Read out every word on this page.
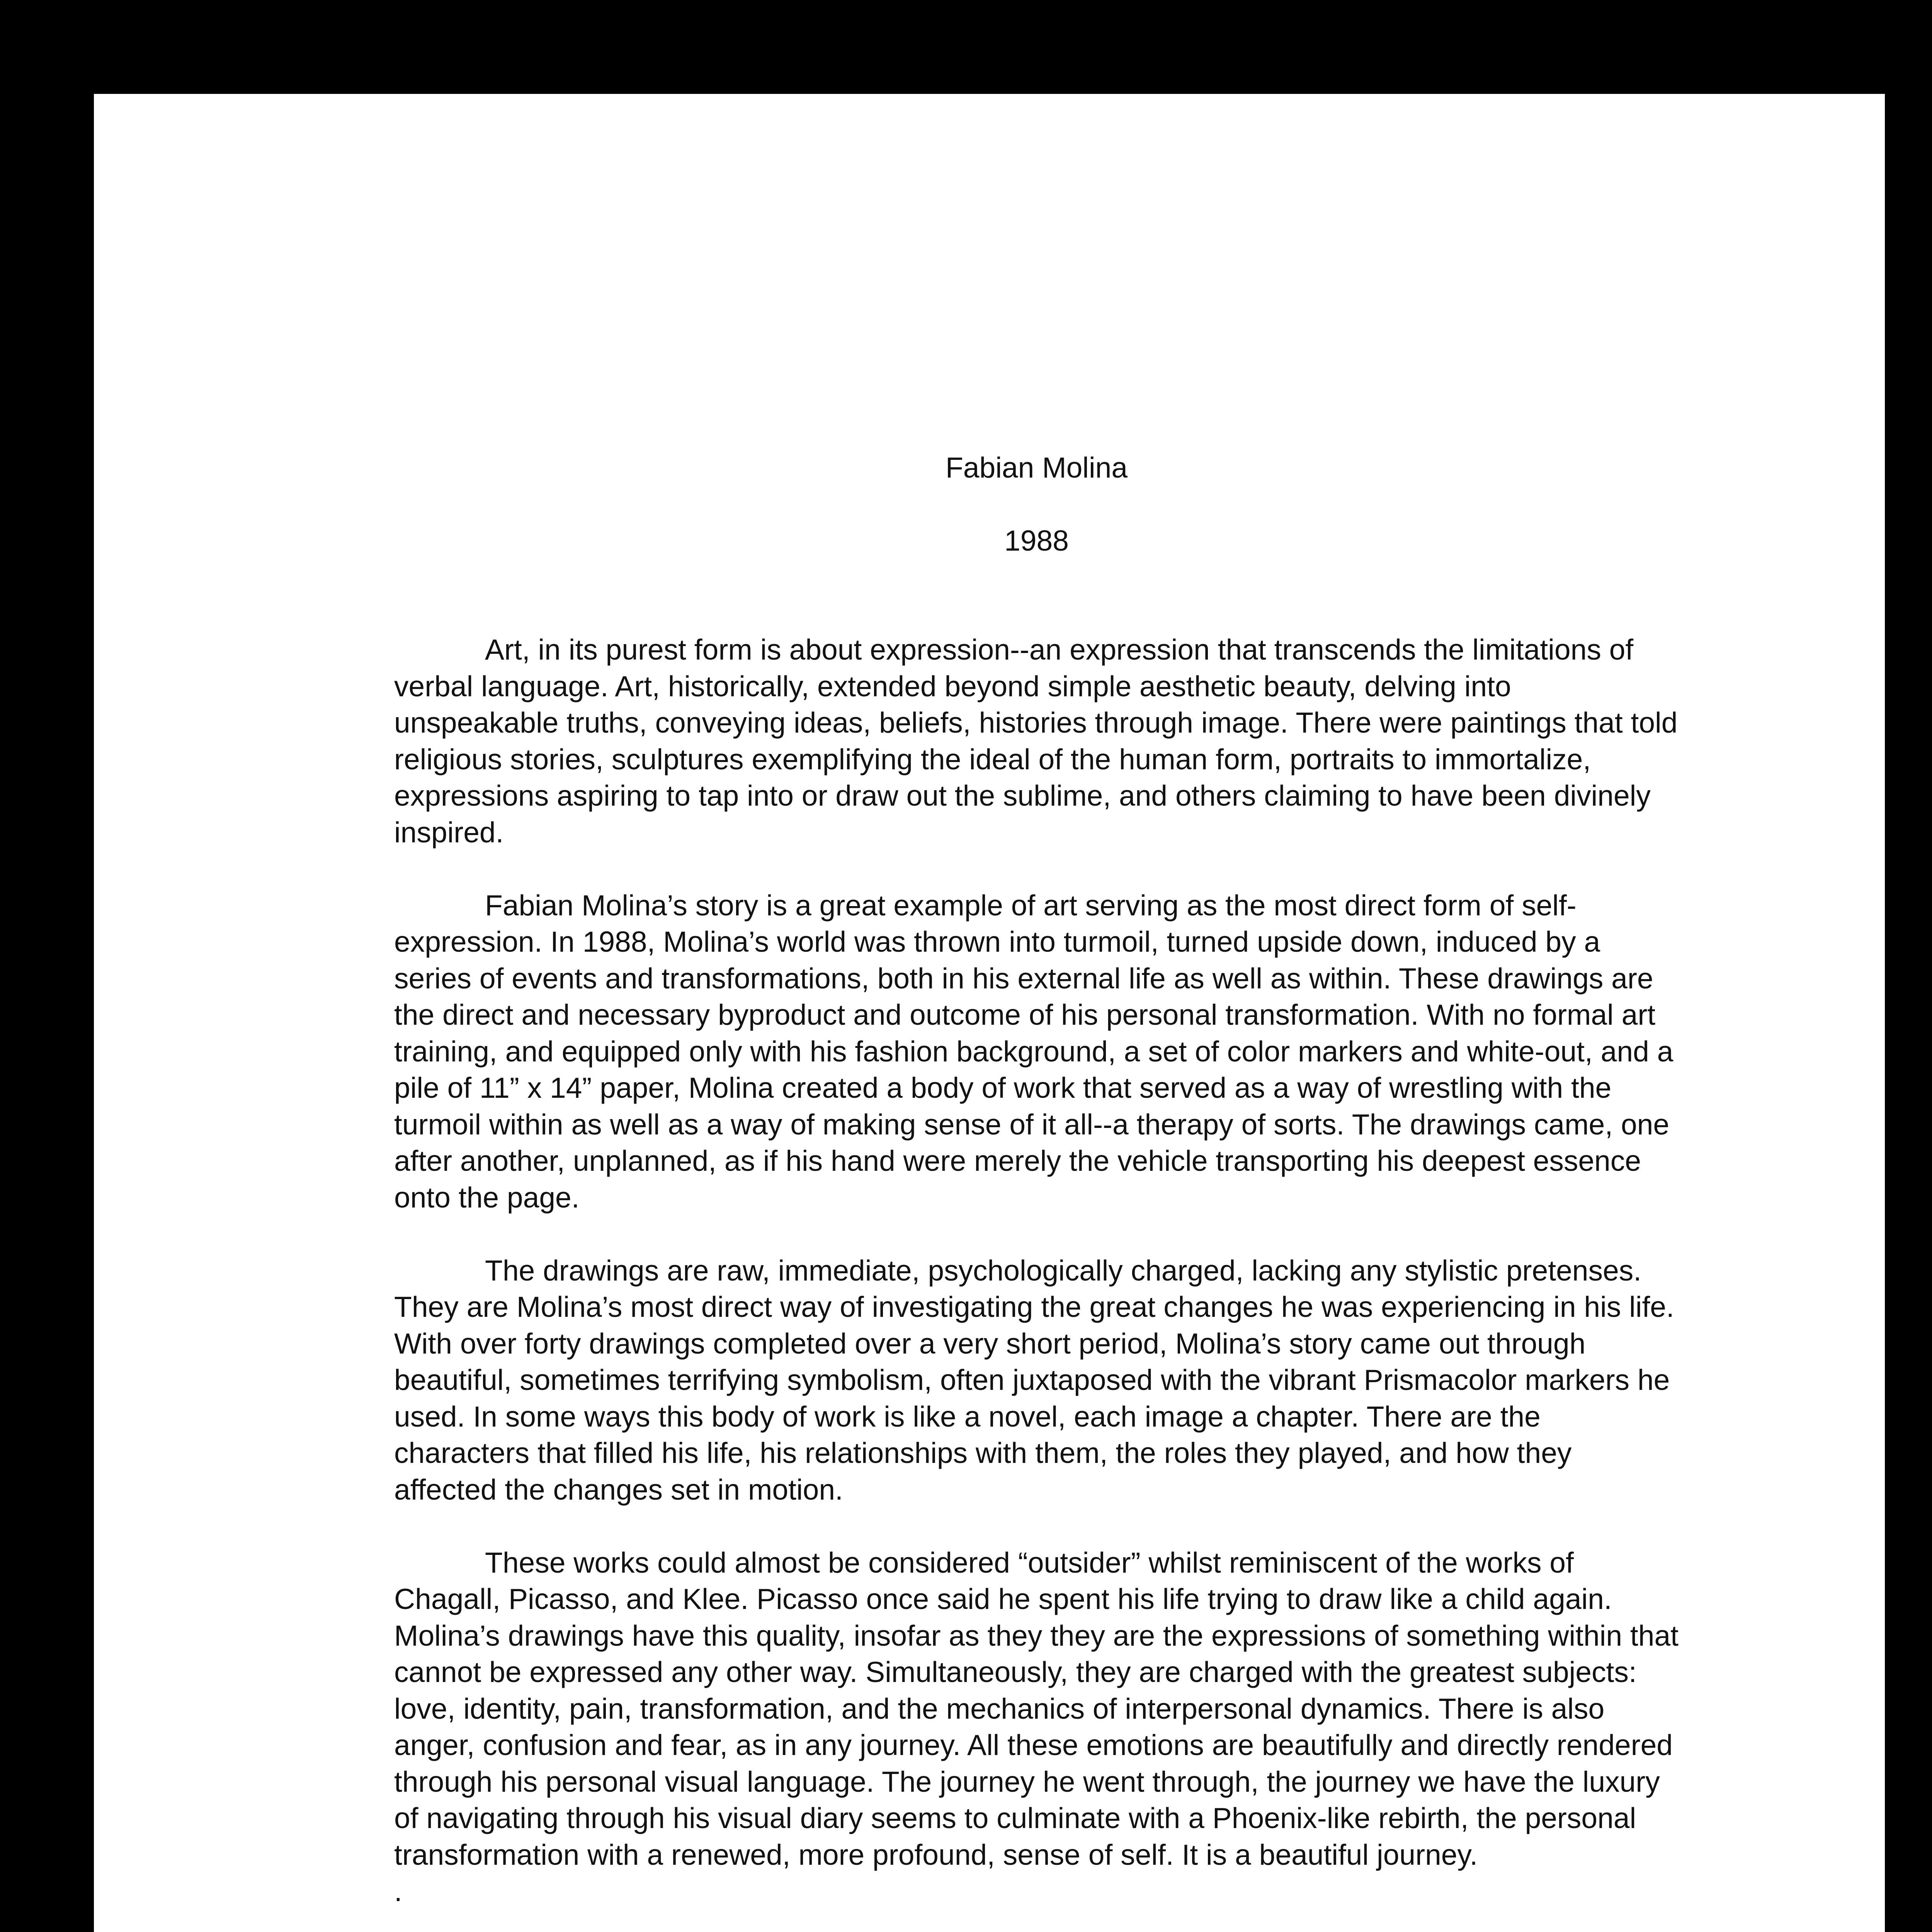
Fabian Molina

1988

Art, in its purest form is about expression--an expression that transcends the limitations of verbal language. Art, historically, extended beyond simple aesthetic beauty, delving into unspeakable truths, conveying ideas, beliefs, histories through image. There were paintings that told religious stories, sculptures exemplifying the ideal of the human form, portraits to immortalize, expressions aspiring to tap into or draw out the sublime, and others claiming to have been divinely inspired.

Fabian Molina’s story is a great example of art serving as the most direct form of self-expression. In 1988, Molina’s world was thrown into turmoil, turned upside down, induced by a series of events and transformations, both in his external life as well as within. These drawings are the direct and necessary byproduct and outcome of his personal transformation. With no formal art training, and equipped only with his fashion background, a set of color markers and white-out, and a pile of 11” x 14” paper, Molina created a body of work that served as a way of wrestling with the turmoil within as well as a way of making sense of it all--a therapy of sorts. The drawings came, one after another, unplanned, as if his hand were merely the vehicle transporting his deepest essence onto the page.

The drawings are raw, immediate, psychologically charged, lacking any stylistic pretenses. They are Molina’s most direct way of investigating the great changes he was experiencing in his life. With over forty drawings completed over a very short period, Molina’s story came out through beautiful, sometimes terrifying symbolism, often juxtaposed with the vibrant Prismacolor markers he used. In some ways this body of work is like a novel, each image a chapter. There are the characters that filled his life, his relationships with them, the roles they played, and how they affected the changes set in motion.

These works could almost be considered “outsider” whilst reminiscent of the works of Chagall, Picasso, and Klee. Picasso once said he spent his life trying to draw like a child again. Molina’s drawings have this quality, insofar as they they are the expressions of something within that cannot be expressed any other way. Simultaneously, they are charged with the greatest subjects: love, identity, pain, transformation, and the mechanics of interpersonal dynamics. There is also anger, confusion and fear, as in any journey. All these emotions are beautifully and directly rendered through his personal visual language. The journey he went through, the journey we have the luxury of navigating through his visual diary seems to culminate with a Phoenix-like rebirth, the personal transformation with a renewed, more profound, sense of self. It is a beautiful journey.

.
